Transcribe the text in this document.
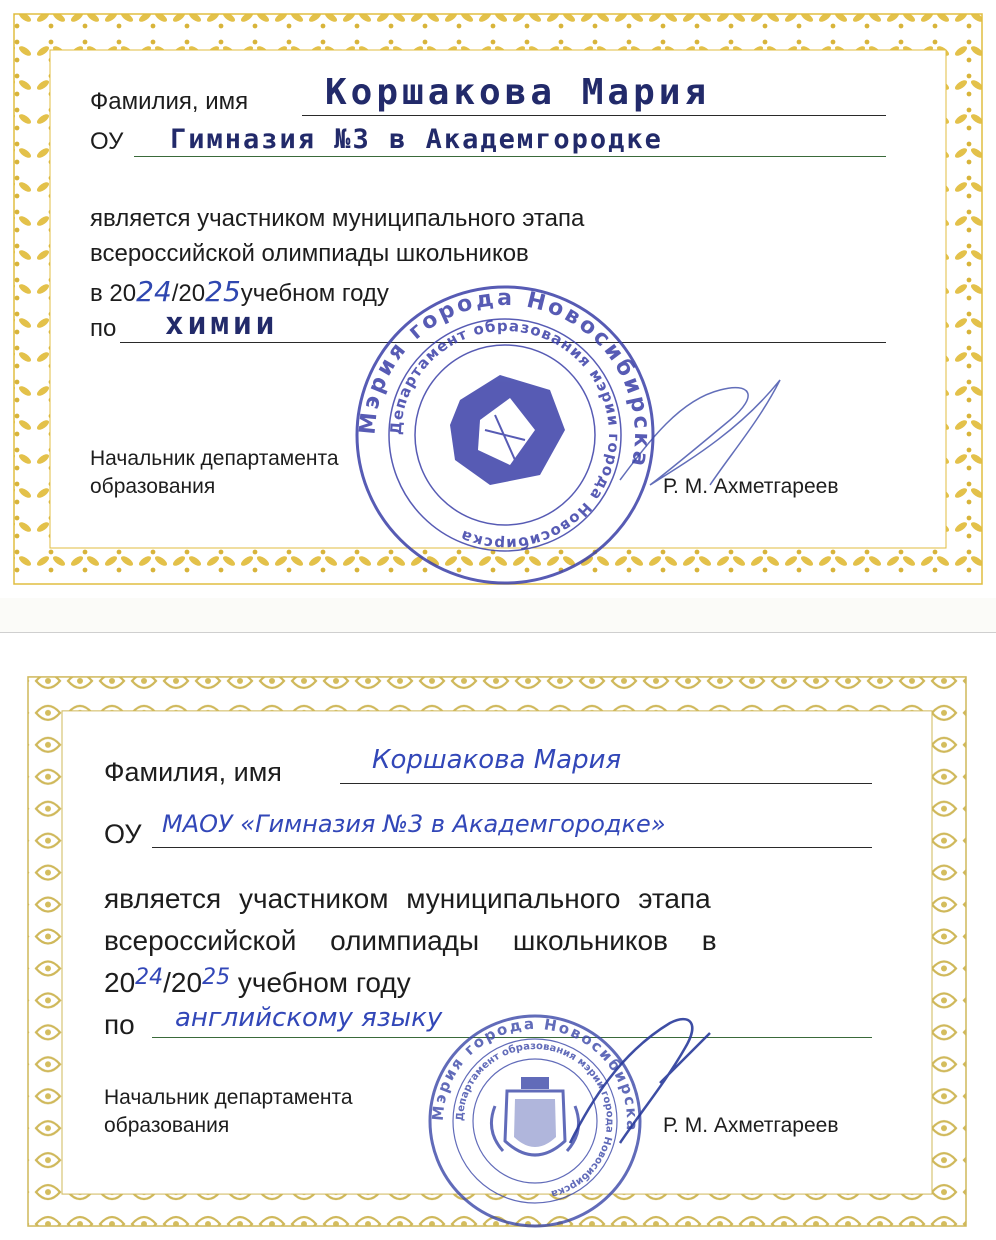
Фамилия, имя Коршакова Мария
ОУ Гимназия №3 в Академгородке
является участником муниципального этапа
всероссийской олимпиады школьников
в 2024/2025учебном году
по химии
Начальник департамента
образования	Р. М. Ахметгареев
Мэрия города Новосибирска
Департамент образования мэрии города Новосибирска
Фамилия, имя	Коршакова Мария
ОУ МАОУ «Гимназия №3 в Академгородке»
является участником муниципального этапа
всероссийской олимпиады школьников в
$20^{24}/20^{25}$ учебном году
по английскому языку
Начальник департамента
образования	Р. М. Ахметгареев
Мэрия города Новосибирска
Департамент образования мэрии города Новосибирска
